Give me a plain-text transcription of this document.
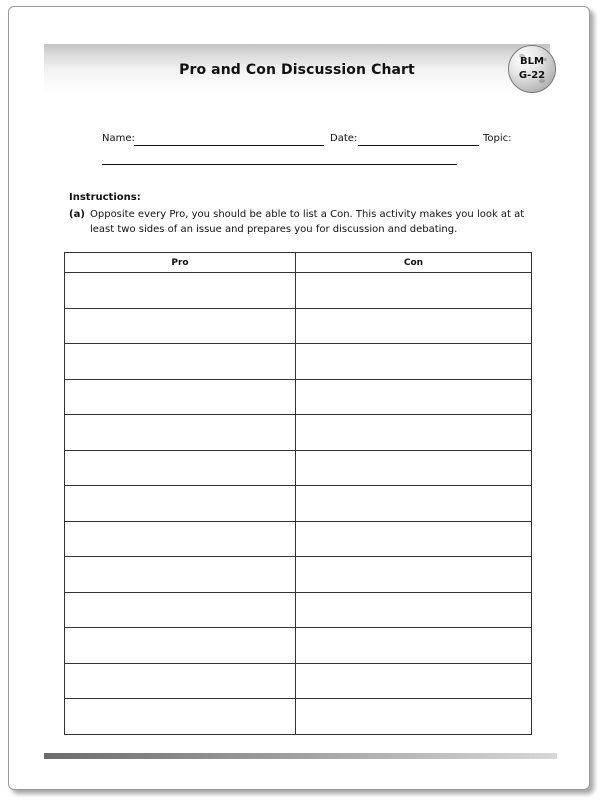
Pro and Con Discussion Chart
BLM
G-22
Name:	Date:	Topic:
Instructions:
(a) Opposite every Pro, you should be able to list a Con. This activity makes you look at at least two sides of an issue and prepares you for discussion and debating.
Pro	Con
